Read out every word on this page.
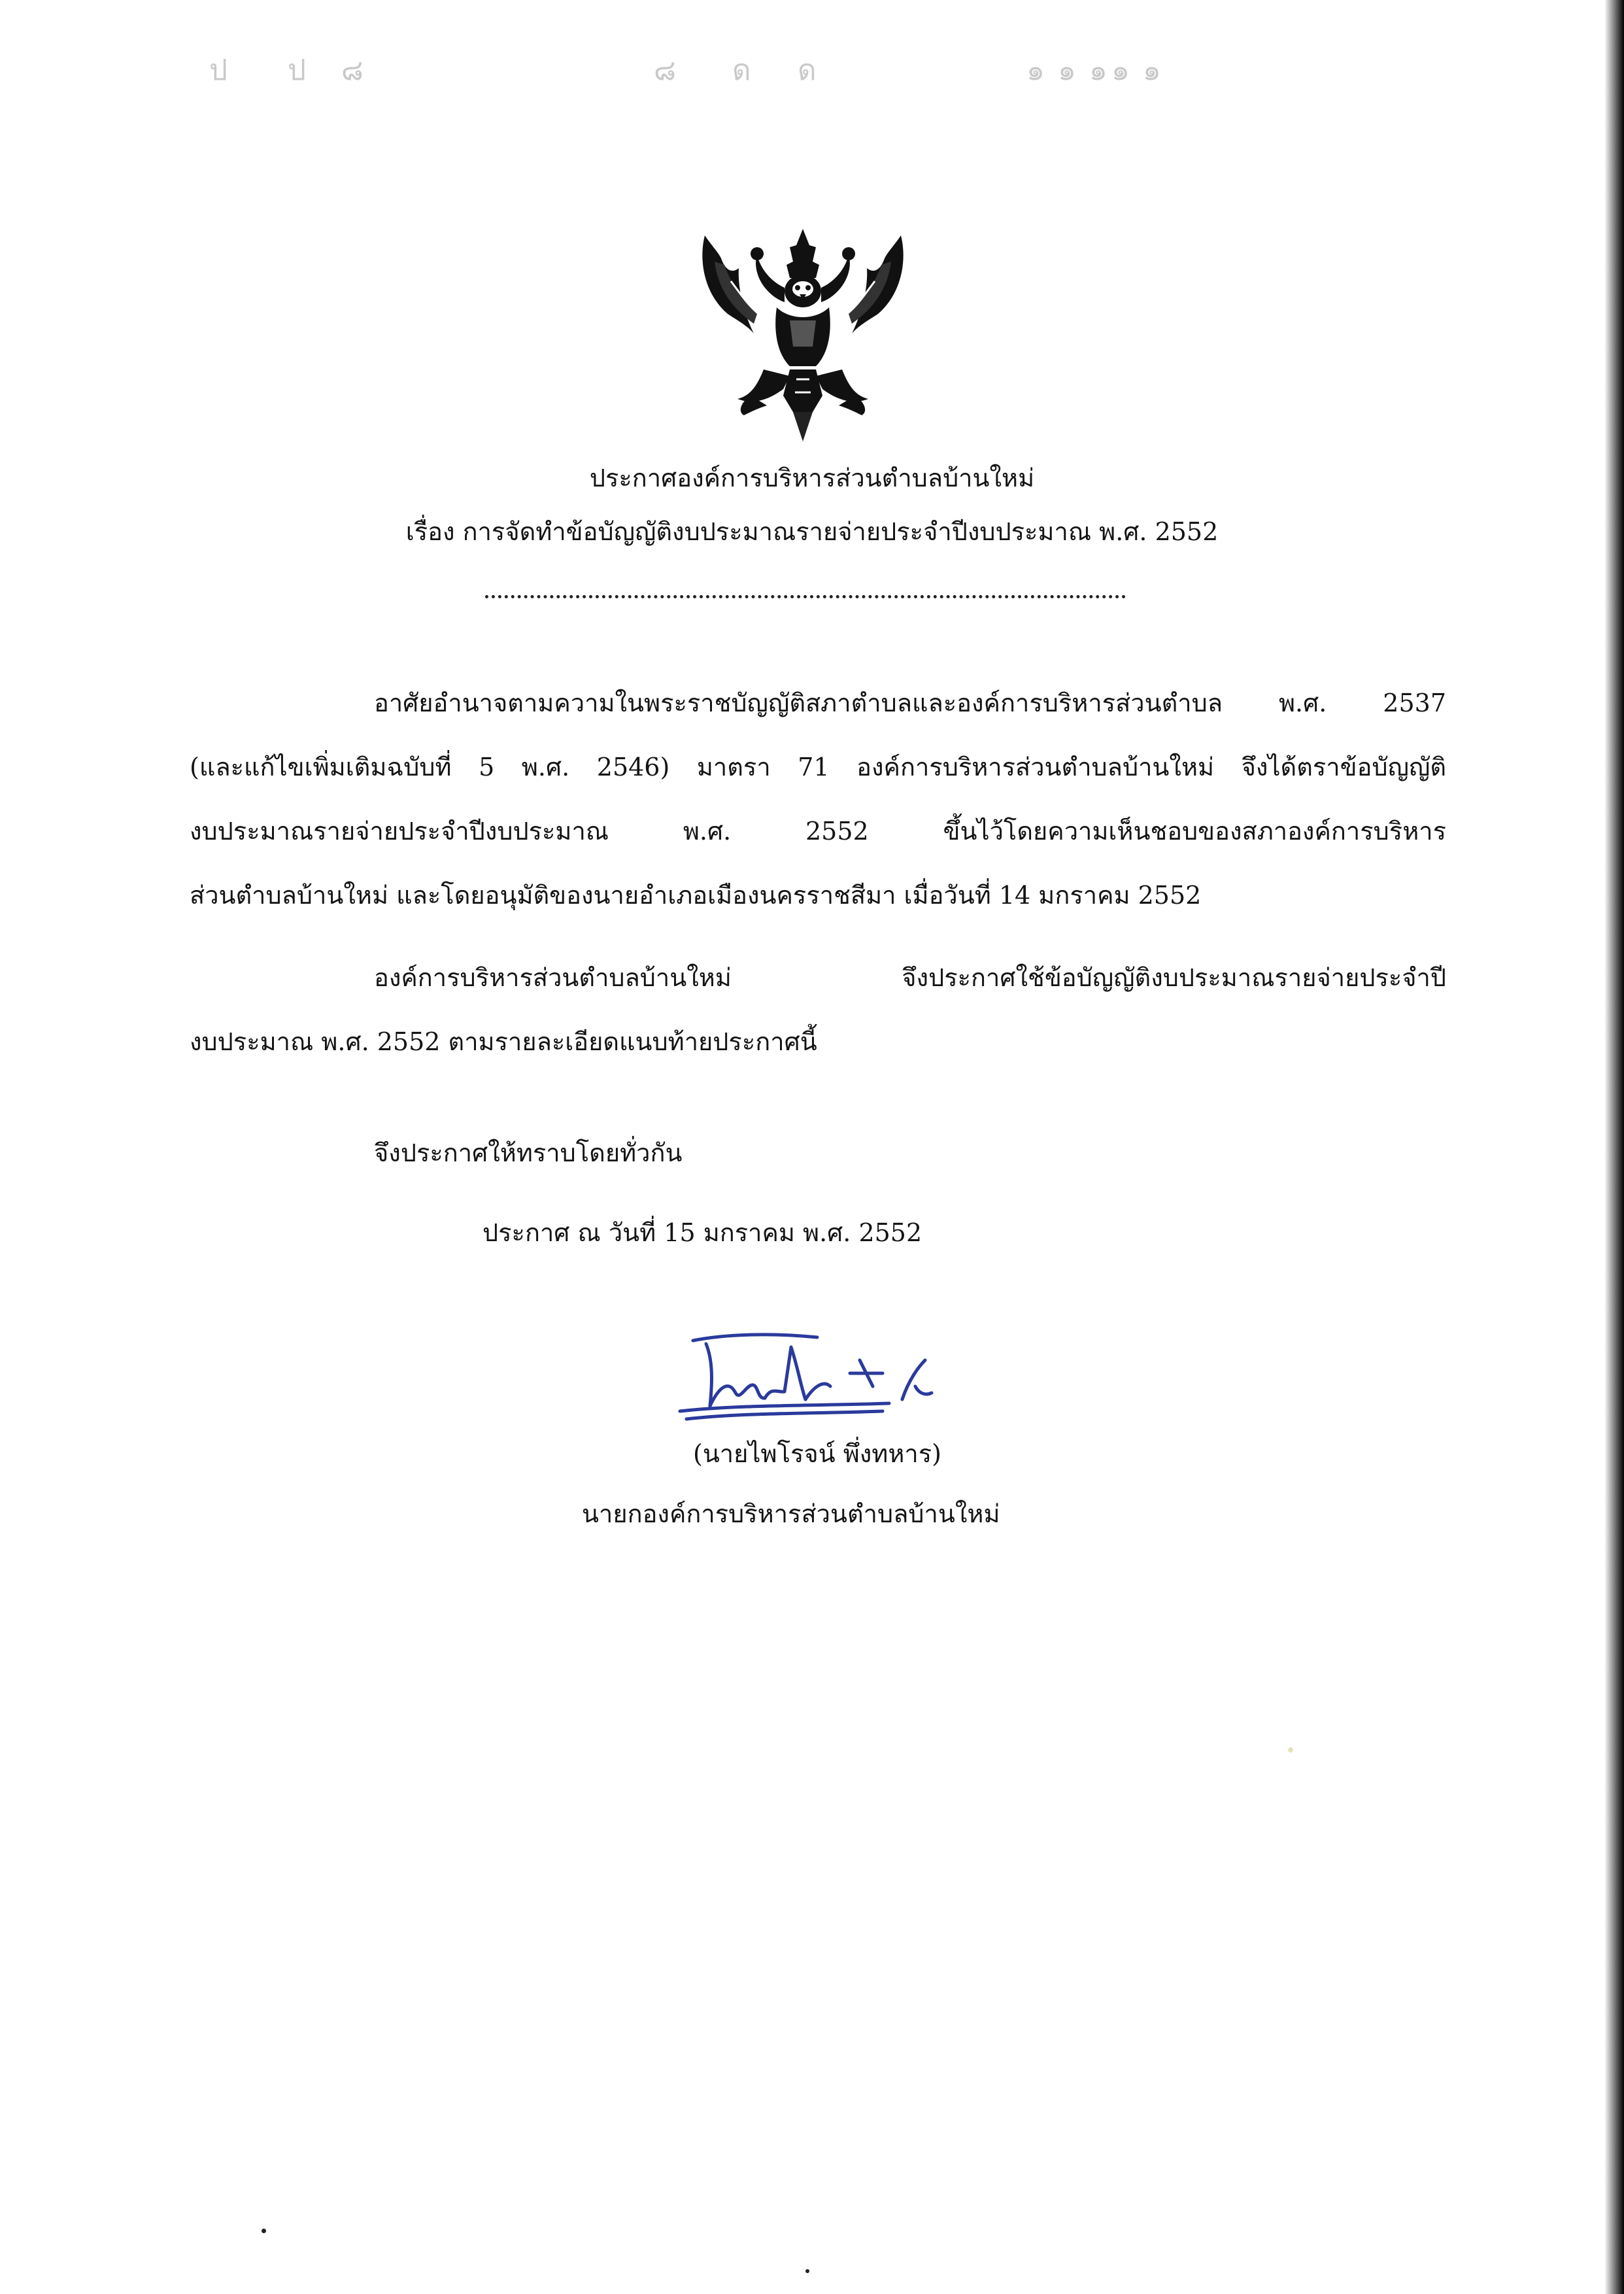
ป ป ๘	๘ ด ด	๑๑๑
๑๑
ประกาศองค์การบริหารส่วนตำบลบ้านใหม่
เรื่อง การจัดทำข้อบัญญัติงบประมาณรายจ่ายประจำปีงบประมาณ พ.ศ. 2552
อาศัยอำนาจตามความในพระราชบัญญัติสภาตำบลและองค์การบริหารส่วนตำบล พ.ศ. 2537
(และแก้ไขเพิ่มเติมฉบับที่ 5 พ.ศ. 2546) มาตรา 71 องค์การบริหารส่วนตำบลบ้านใหม่ จึงได้ตราข้อบัญญัติ
งบประมาณรายจ่ายประจำปีงบประมาณ พ.ศ. 2552 ขึ้นไว้โดยความเห็นชอบของสภาองค์การบริหาร
ส่วนตำบลบ้านใหม่ และโดยอนุมัติของนายอำเภอเมืองนครราชสีมา เมื่อวันที่ 14 มกราคม 2552
องค์การบริหารส่วนตำบลบ้านใหม่ จึงประกาศใช้ข้อบัญญัติงบประมาณรายจ่ายประจำปี
งบประมาณ พ.ศ. 2552 ตามรายละเอียดแนบท้ายประกาศนี้
จึงประกาศให้ทราบโดยทั่วกัน
ประกาศ ณ วันที่ 15 มกราคม พ.ศ. 2552
(นายไพโรจน์ พึ่งทหาร)
นายกองค์การบริหารส่วนตำบลบ้านใหม่
